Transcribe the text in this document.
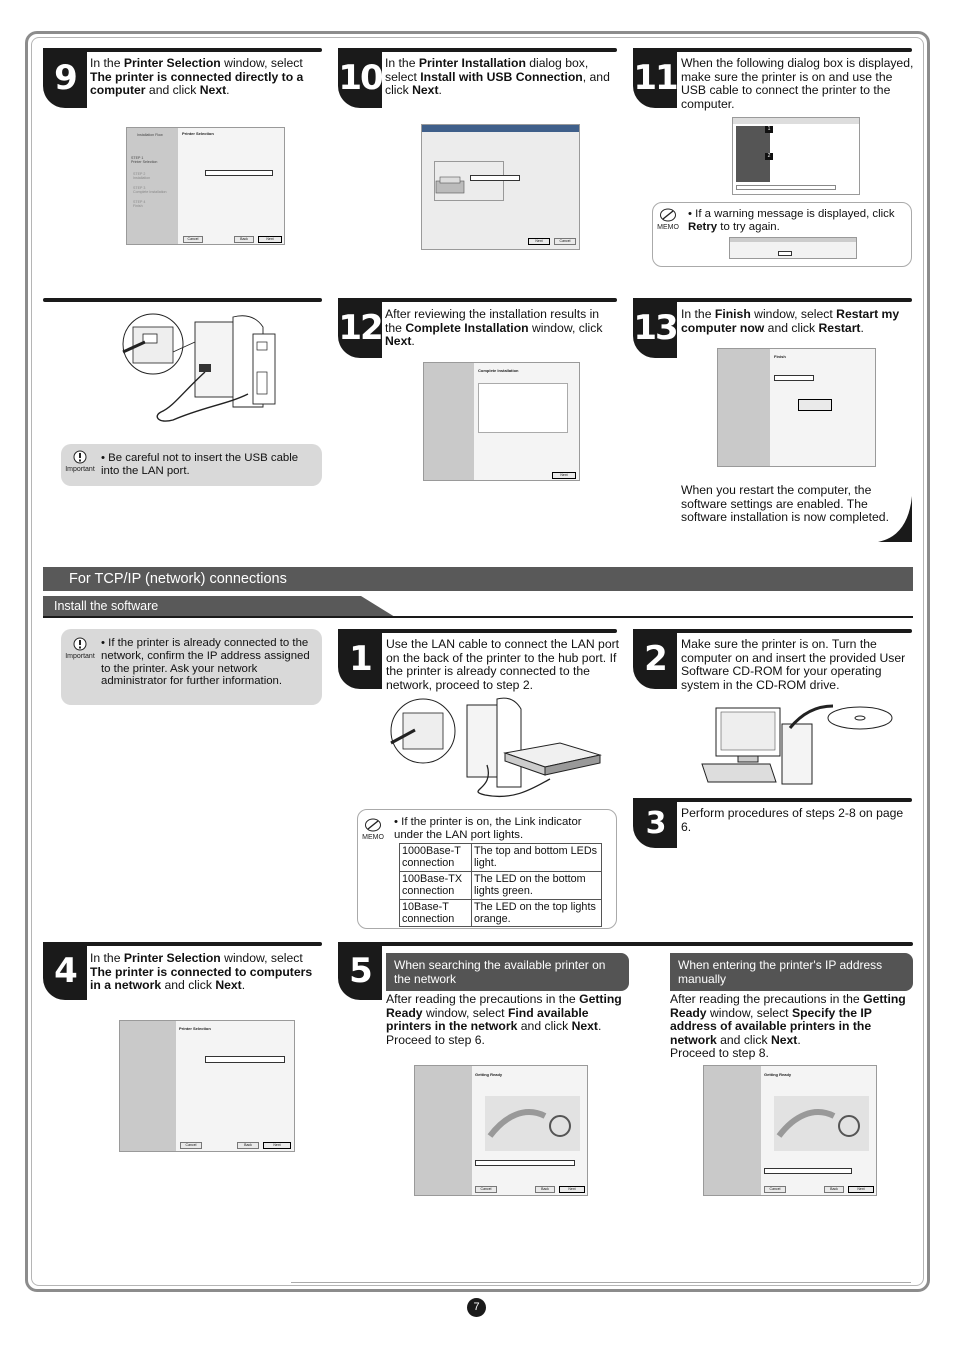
9	In the Printer Selection window, select The printer is connected directly to a computer and click Next.
Installation Flow
STEP 1
Printer Selection
STEP 2
Installation
STEP 3
Complete Installation
STEP 4
Finish
Printer Selection
Cancel	Back	Next
10 In the Printer Installation dialog box, select Install with USB Connection, and click Next.
Next	Cancel
11 When the following dialog box is displayed, make sure the printer is on and use the USB cable to connect the printer to the computer.
1
2
MEMO
• If a warning message is displayed, click Retry to try again.
Important
• Be careful not to insert the USB cable into the LAN port.
12 After reviewing the installation results in the Complete Installation window, click Next.
Complete Installation
Next
13 In the Finish window, select Restart my computer now and click Restart.
Finish
When you restart the computer, the software settings are enabled. The software installation is now completed.
For TCP/IP (network) connections
Install the software
Important
• If the printer is already connected to the network, confirm the IP address assigned to the printer. Ask your network administrator for further information.
1	Use the LAN cable to connect the LAN port on the back of the printer to the hub port. If the printer is already connected to the network, proceed to step 2.
MEMO
• If the printer is on, the Link indicator under the LAN port lights.
1000Base-T connection	The top and bottom LEDs light.
100Base-TX connection	The LED on the bottom lights green.
10Base-T connection	The LED on the top lights orange.
2	Make sure the printer is on. Turn the computer on and insert the provided User Software CD-ROM for your operating system in the CD-ROM drive.
3	Perform procedures of steps 2-8 on page 6.
4	In the Printer Selection window, select The printer is connected to computers in a network and click Next.
Printer Selection
Cancel	Back	Next
5	When searching the available printer on the network
When entering the printer's IP address manually
After reading the precautions in the Getting Ready window, select Find available printers in the network and click Next.
Proceed to step 6.
After reading the precautions in the Getting Ready window, select Specify the IP address of available printers in the network and click Next.
Proceed to step 8.
Getting Ready
Cancel	Back	Next
Getting Ready
Cancel	Back	Next
7
